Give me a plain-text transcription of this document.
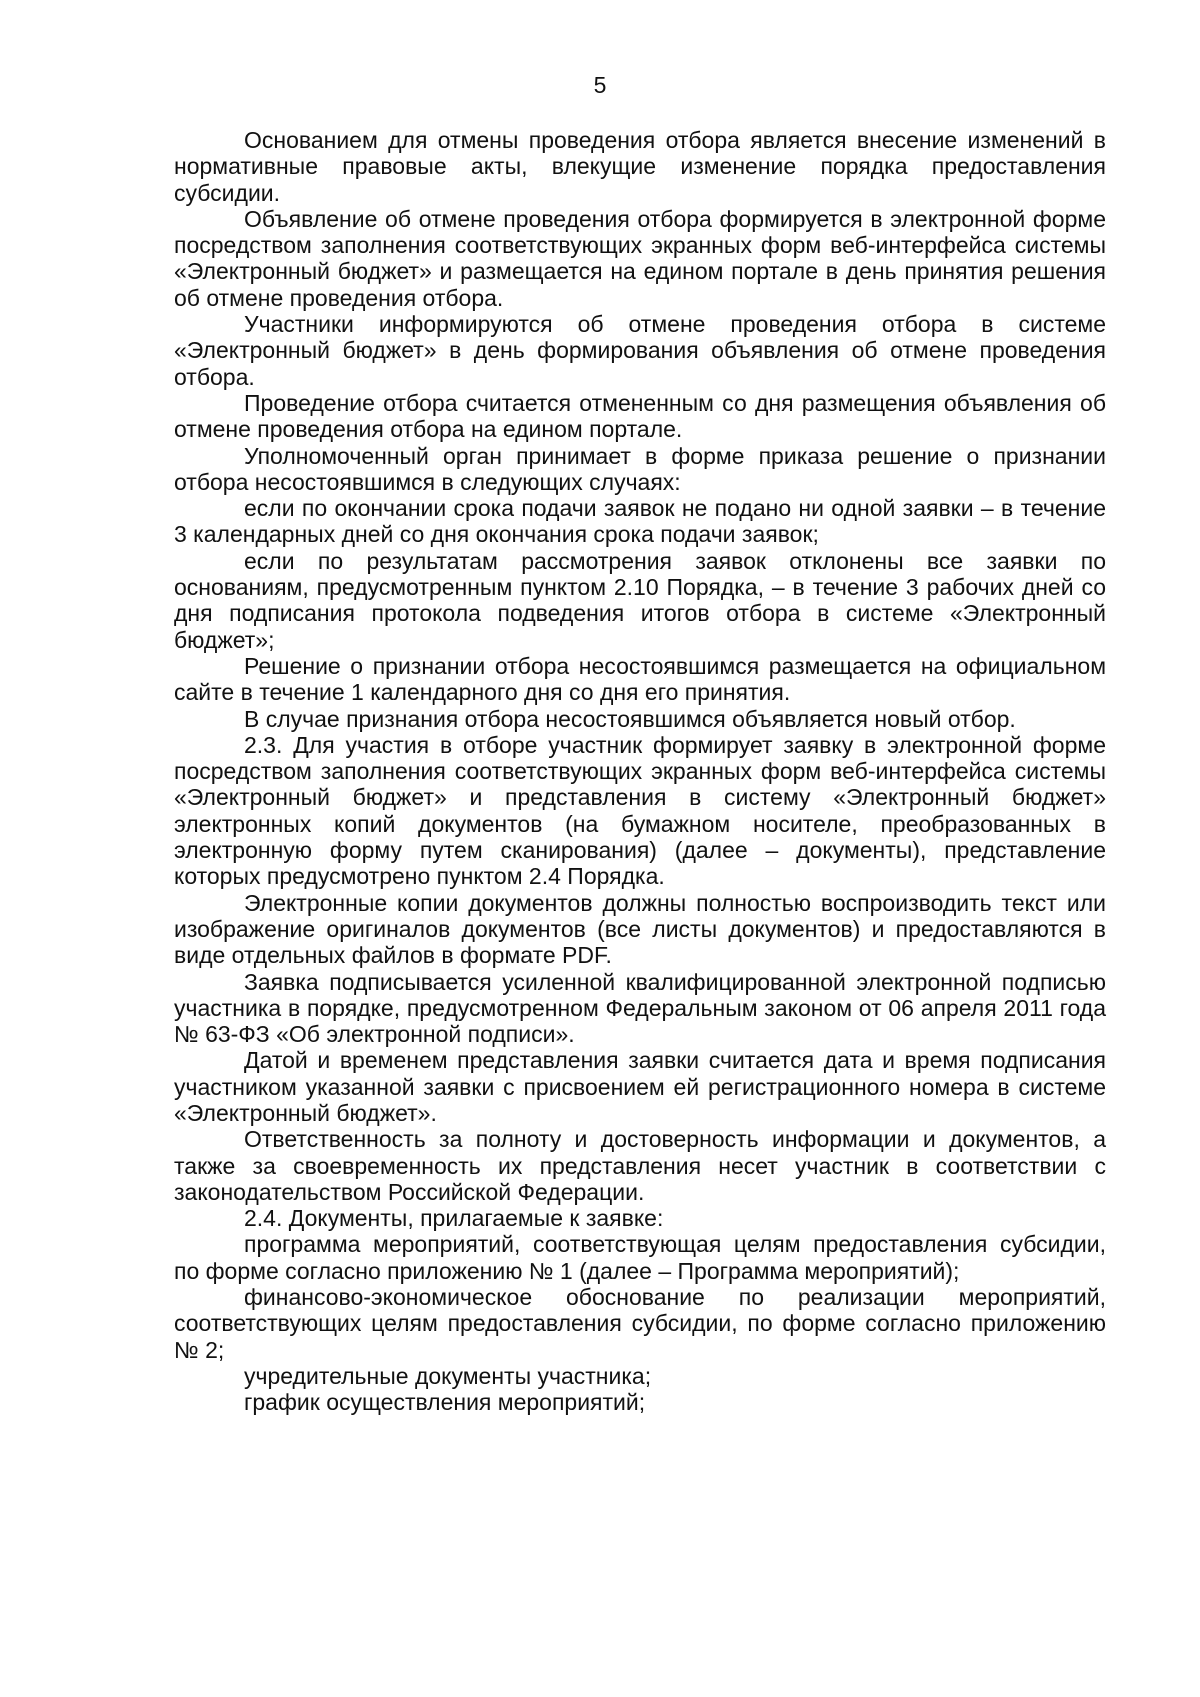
5

Основанием для отмены проведения отбора является внесение изменений в нормативные правовые акты, влекущие изменение порядка предоставления субсидии.

Объявление об отмене проведения отбора формируется в электронной форме посредством заполнения соответствующих экранных форм веб-интерфейса системы «Электронный бюджет» и размещается на едином портале в день принятия решения об отмене проведения отбора.

Участники информируются об отмене проведения отбора в системе «Электронный бюджет» в день формирования объявления об отмене проведения отбора.

Проведение отбора считается отмененным со дня размещения объявления об отмене проведения отбора на едином портале.

Уполномоченный орган принимает в форме приказа решение о признании отбора несостоявшимся в следующих случаях:

если по окончании срока подачи заявок не подано ни одной заявки – в течение 3 календарных дней со дня окончания срока подачи заявок;

если по результатам рассмотрения заявок отклонены все заявки по основаниям, предусмотренным пунктом 2.10 Порядка, – в течение 3 рабочих дней со дня подписания протокола подведения итогов отбора в системе «Электронный бюджет»;

Решение о признании отбора несостоявшимся размещается на официальном сайте в течение 1 календарного дня со дня его принятия.

В случае признания отбора несостоявшимся объявляется новый отбор.

2.3. Для участия в отборе участник формирует заявку в электронной форме посредством заполнения соответствующих экранных форм веб-интерфейса системы «Электронный бюджет» и представления в систему «Электронный бюджет» электронных копий документов (на бумажном носителе, преобразованных в электронную форму путем сканирования) (далее – документы), представление которых предусмотрено пунктом 2.4 Порядка.

Электронные копии документов должны полностью воспроизводить текст или изображение оригиналов документов (все листы документов) и предоставляются в виде отдельных файлов в формате PDF.

Заявка подписывается усиленной квалифицированной электронной подписью участника в порядке, предусмотренном Федеральным законом от 06 апреля 2011 года № 63-ФЗ «Об электронной подписи».

Датой и временем представления заявки считается дата и время подписания участником указанной заявки с присвоением ей регистрационного номера в системе «Электронный бюджет».

Ответственность за полноту и достоверность информации и документов, а также за своевременность их представления несет участник в соответствии с законодательством Российской Федерации.

2.4. Документы, прилагаемые к заявке:

программа мероприятий, соответствующая целям предоставления субсидии, по форме согласно приложению № 1 (далее – Программа мероприятий);

финансово-экономическое обоснование по реализации мероприятий, соответствующих целям предоставления субсидии, по форме согласно приложению № 2;

учредительные документы участника;

график осуществления мероприятий;
